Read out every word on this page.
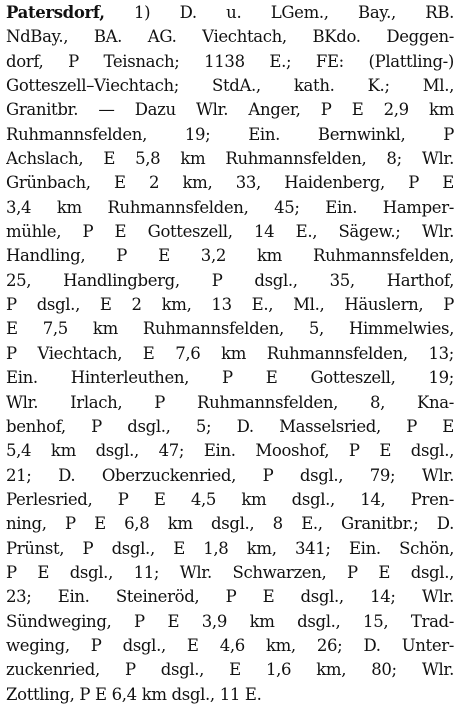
Patersdorf, 1) D. u. LGem., Bay., RB.
NdBay., BA. AG. Viechtach, BKdo. Deggen-
dorf, P Teisnach; 1138 E.; FE: (Plattling-)
Gotteszell–Viechtach; StdA., kath. K.; Ml.,
Granitbr. — Dazu Wlr. Anger, P E 2,9 km
Ruhmannsfelden, 19; Ein. Bernwinkl, P
Achslach, E 5,8 km Ruhmannsfelden, 8; Wlr.
Grünbach, E 2 km, 33, Haidenberg, P E
3,4 km Ruhmannsfelden, 45; Ein. Hamper-
mühle, P E Gotteszell, 14 E., Sägew.; Wlr.
Handling, P E 3,2 km Ruhmannsfelden,
25, Handlingberg, P dsgl., 35, Harthof,
P dsgl., E 2 km, 13 E., Ml., Häuslern, P
E 7,5 km Ruhmannsfelden, 5, Himmelwies,
P Viechtach, E 7,6 km Ruhmannsfelden, 13;
Ein. Hinterleuthen, P E Gotteszell, 19;
Wlr. Irlach, P Ruhmannsfelden, 8, Kna-
benhof, P dsgl., 5; D. Masselsried, P E
5,4 km dsgl., 47; Ein. Mooshof, P E dsgl.,
21; D. Oberzuckenried, P dsgl., 79; Wlr.
Perlesried, P E 4,5 km dsgl., 14, Pren-
ning, P E 6,8 km dsgl., 8 E., Granitbr.; D.
Prünst, P dsgl., E 1,8 km, 341; Ein. Schön,
P E dsgl., 11; Wlr. Schwarzen, P E dsgl.,
23; Ein. Steineröd, P E dsgl., 14; Wlr.
Sündweging, P E 3,9 km dsgl., 15, Trad-
weging, P dsgl., E 4,6 km, 26; D. Unter-
zuckenried, P dsgl., E 1,6 km, 80; Wlr.
Zottling, P E 6,4 km dsgl., 11 E.
